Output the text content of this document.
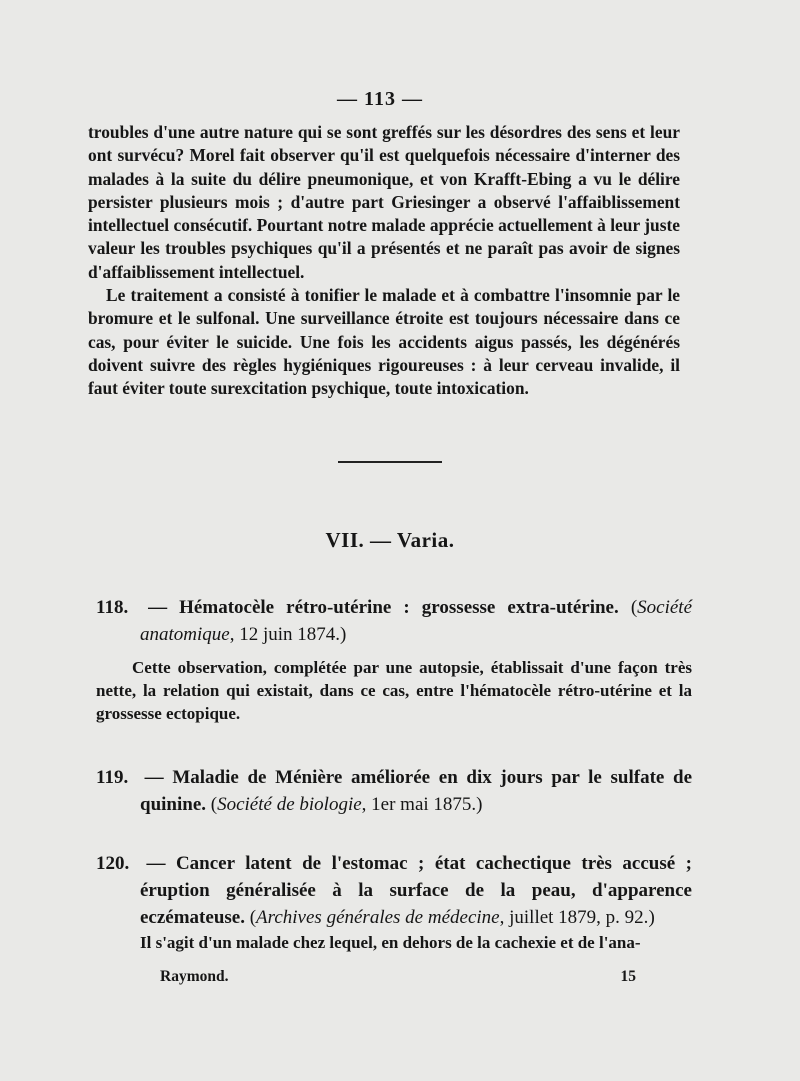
— 113 —

troubles d'une autre nature qui se sont greffés sur les désordres des sens et leur ont survécu? Morel fait observer qu'il est quelquefois nécessaire d'interner des malades à la suite du délire pneumonique, et von Krafft-Ebing a vu le délire persister plusieurs mois ; d'autre part Griesinger a observé l'affaiblissement intellectuel consécutif. Pourtant notre malade apprécie actuellement à leur juste valeur les troubles psychiques qu'il a présentés et ne paraît pas avoir de signes d'affaiblissement intellectuel.

Le traitement a consisté à tonifier le malade et à combattre l'insomnie par le bromure et le sulfonal. Une surveillance étroite est toujours nécessaire dans ce cas, pour éviter le suicide. Une fois les accidents aigus passés, les dégénérés doivent suivre des règles hygiéniques rigoureuses : à leur cerveau invalide, il faut éviter toute surexcitation psychique, toute intoxication.

VII. — Varia.
118. — Hématocèle rétro-utérine : grossesse extra-utérine. (Société anatomique, 12 juin 1874.)
Cette observation, complétée par une autopsie, établissait d'une façon très nette, la relation qui existait, dans ce cas, entre l'hématocèle rétro-utérine et la grossesse ectopique.
119. — Maladie de Ménière améliorée en dix jours par le sulfate de quinine. (Société de biologie, 1er mai 1875.)
120. — Cancer latent de l'estomac ; état cachectique très accusé ; éruption généralisée à la surface de la peau, d'apparence eczémateuse. (Archives générales de médecine, juillet 1879, p. 92.)
Il s'agit d'un malade chez lequel, en dehors de la cachexie et de l'ana-
Raymond.	15
